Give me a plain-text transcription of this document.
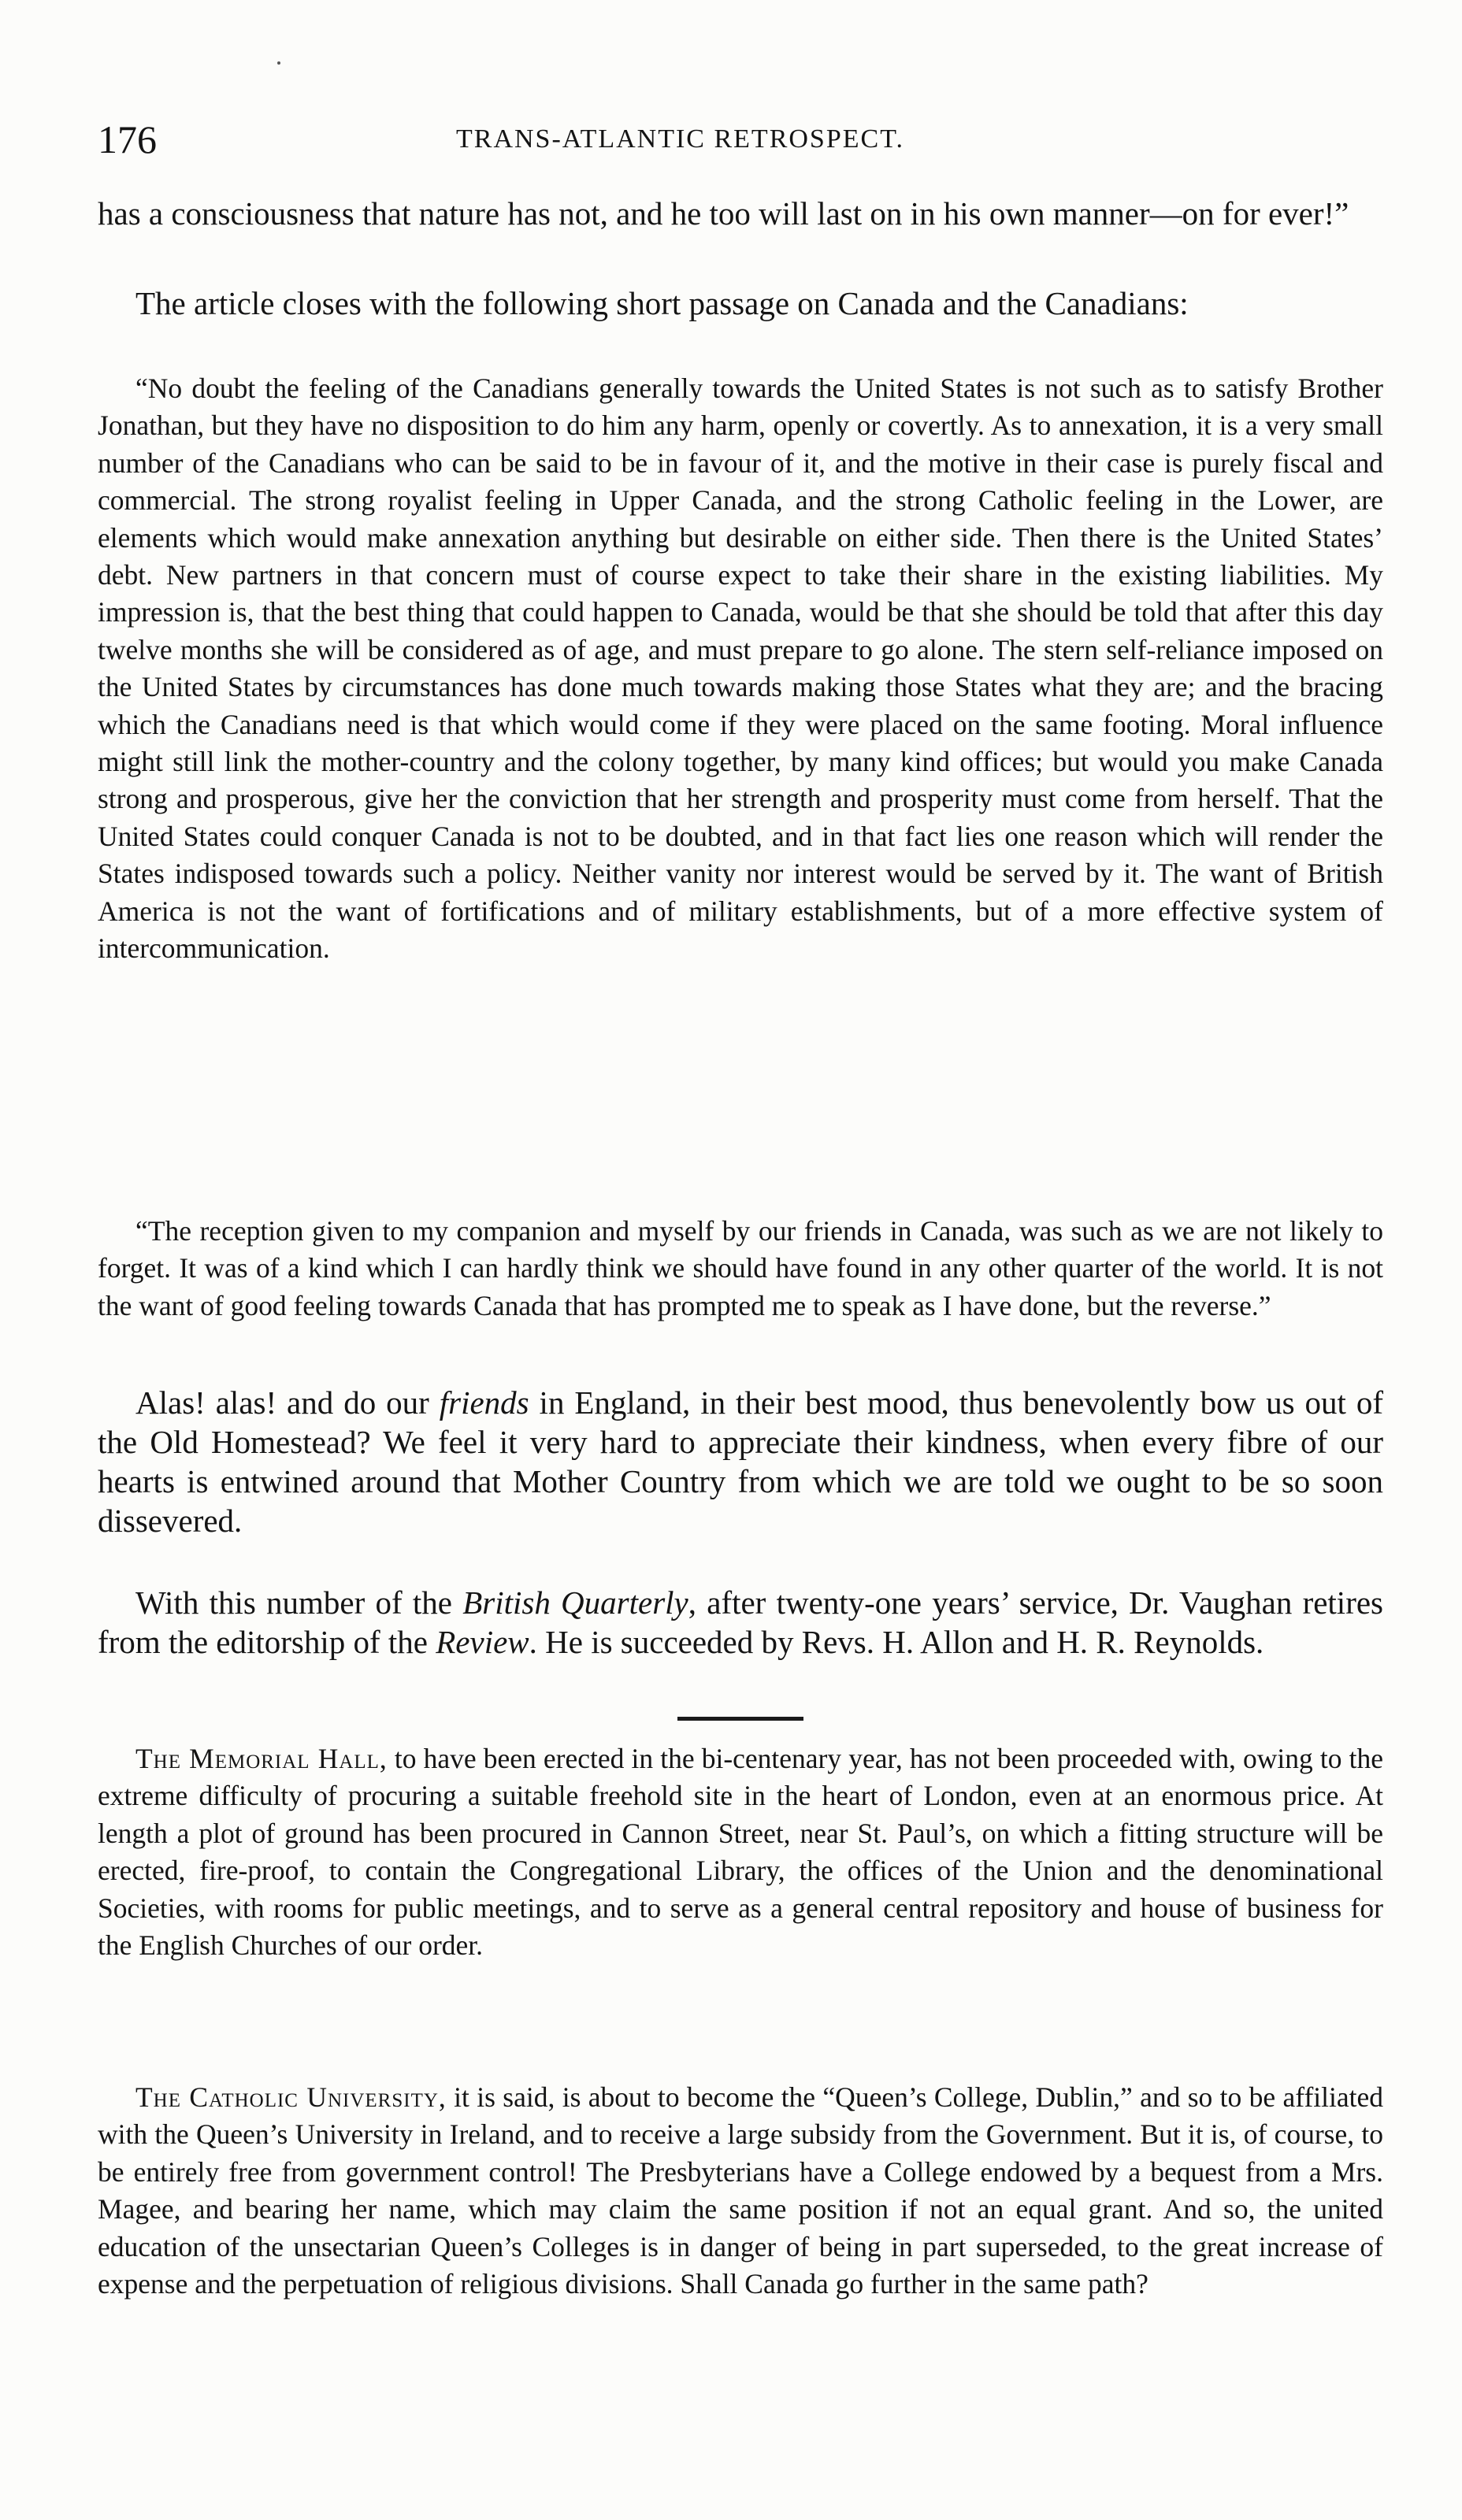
176	TRANS-ATLANTIC RETROSPECT.
has a consciousness that nature has not, and he too will last on in his own manner—on for ever!”
The article closes with the following short passage on Canada and the Canadians:
“No doubt the feeling of the Canadians generally towards the United States is not such as to satisfy Brother Jonathan, but they have no disposition to do him any harm, openly or covertly. As to annexation, it is a very small number of the Canadians who can be said to be in favour of it, and the motive in their case is purely fiscal and commercial. The strong royalist feeling in Upper Canada, and the strong Catholic feeling in the Lower, are elements which would make annexation anything but desirable on either side. Then there is the United States’ debt. New partners in that concern must of course expect to take their share in the existing liabilities. My impression is, that the best thing that could happen to Canada, would be that she should be told that after this day twelve months she will be considered as of age, and must prepare to go alone. The stern self-reliance imposed on the United States by circumstances has done much towards making those States what they are; and the bracing which the Canadians need is that which would come if they were placed on the same footing. Moral influence might still link the mother-country and the colony together, by many kind offices; but would you make Canada strong and prosperous, give her the conviction that her strength and prosperity must come from herself. That the United States could conquer Canada is not to be doubted, and in that fact lies one reason which will render the States indisposed towards such a policy. Neither vanity nor interest would be served by it. The want of British America is not the want of fortifications and of military establishments, but of a more effective system of intercommunication.
“The reception given to my companion and myself by our friends in Canada, was such as we are not likely to forget. It was of a kind which I can hardly think we should have found in any other quarter of the world. It is not the want of good feeling towards Canada that has prompted me to speak as I have done, but the reverse.”
Alas! alas! and do our friends in England, in their best mood, thus benevolently bow us out of the Old Homestead? We feel it very hard to appreciate their kindness, when every fibre of our hearts is entwined around that Mother Country from which we are told we ought to be so soon dissevered.
With this number of the British Quarterly, after twenty-one years’ service, Dr. Vaughan retires from the editorship of the Review. He is succeeded by Revs. H. Allon and H. R. Reynolds.
The Memorial Hall, to have been erected in the bi-centenary year, has not been proceeded with, owing to the extreme difficulty of procuring a suitable freehold site in the heart of London, even at an enormous price. At length a plot of ground has been procured in Cannon Street, near St. Paul’s, on which a fitting structure will be erected, fire-proof, to contain the Congregational Library, the offices of the Union and the denominational Societies, with rooms for public meetings, and to serve as a general central repository and house of business for the English Churches of our order.
The Catholic University, it is said, is about to become the “Queen’s College, Dublin,” and so to be affiliated with the Queen’s University in Ireland, and to receive a large subsidy from the Government. But it is, of course, to be entirely free from government control! The Presbyterians have a College endowed by a bequest from a Mrs. Magee, and bearing her name, which may claim the same position if not an equal grant. And so, the united education of the unsectarian Queen’s Colleges is in danger of being in part superseded, to the great increase of expense and the perpetuation of religious divisions. Shall Canada go further in the same path?
